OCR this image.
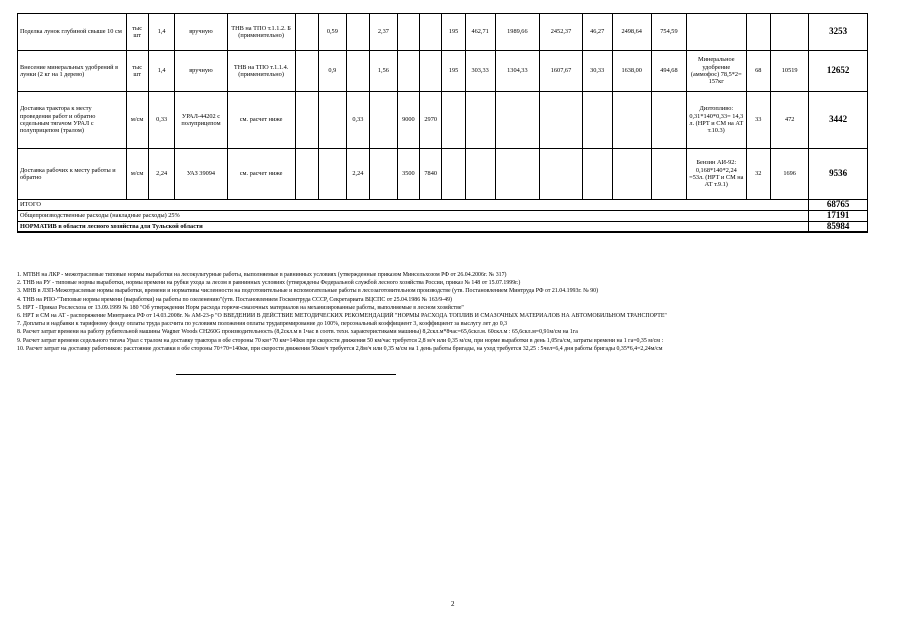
Поделка лунок глубиной свыше 10 см	тыс шт	1,4	вручную	ТНВ на ТПО т.1.1.2. Б (применительно)		0,59		2,37			195	462,71	1989,66	2452,37	46,27	2498,64	754,59				3253
Внесение минеральных удобрений в лунки (2 кг на 1 дерево)	тыс шт	1,4	вручную	ТНВ на ТПО т.1.1.4. (применительно)		0,9		1,56			195	303,33	1304,33	1607,67	30,33	1638,00	494,68	Минеральное удобрение (аммофос) 78,5*2= 157кг	68	10519	12652
Доставка трактора к месту проведения работ и обратно седельным тягачом УРАЛ с полуприцепом (тралом)	м/см	0,33	УРАЛ-44202 с полуприцепом	см. расчет ниже			0,33		9000	2970								Дизтопливо: 0,31*140*0,33= 14,3 л. (НРТ и СМ на АТ т.10.3)	33	472	3442
Доставка рабочих к месту работы и обратно	м/см	2,24	УАЗ 39094	см. расчет ниже			2,24		3500	7840								Бензин АИ-92: 0,168*140*2,24 =53л. (НРТ и СМ на АТ т.9.1)	32	1696	9536
ИТОГО																					68765
Общепроизводственные расходы (накладные расходы) 25%																					17191
НОРМАТИВ в области лесного хозяйства для Тульской области																					85984
1. МТВН на ЛКР - межотраслевые типовые нормы выработки на лесокультурные работы, выполняемые в равнинных условиях (утвержденные приказом Минсельхозом РФ от 26.04.2006г. № 317)
2. ТНВ на РУ - типовые нормы выработки, нормы времени на рубки ухода за лесом в равнинных условиях (утверждены Федеральной службой лесного хозяйства России, приказ № 148 от 15.07.1999г.)
3. МНВ в ЛЗП-Межотраслевые нормы выработки, времени и нормативы численности на подготовительные и вспомогательные работы в лесозаготовительном производстве (утв. Постановлением Минтруда РФ от 21.04.1993г. № 90)
4. ТНВ на РПО-"Типовые нормы времени (выработки) на работы по озеленению"(утв. Постановлением Госкомтруда СССР, Секретариата ВЦСПС от 25.04.1986 № 163/9-49)
5. НРТ - Приказ Рослесхоза от 13.09.1999 № 180 "Об утверждении Норм расхода горюче-смазочных материалов на механизированные работы, выполняемые в лесном хозяйстве"
6. НРТ и СМ на АТ - распоряжение Минтранса РФ от 14.03.2008г. № АМ-23-р "О ВВЕДЕНИИ В ДЕЙСТВИЕ МЕТОДИЧЕСКИХ РЕКОМЕНДАЦИЙ "НОРМЫ РАСХОДА ТОПЛИВ И СМАЗОЧНЫХ МАТЕРИАЛОВ НА АВТОМОБИЛЬНОМ ТРАНСПОРТЕ"
7. Доплаты и надбавки к тарифному фонду оплаты труда рассчита по условиям положения оплаты трудапремирование до 100%, персональный коэффициент 3, коэффициент за выслугу лет до 0,3
8. Расчет затрат времени на работу рубительной машины Wagner Woods CH260G производительность (8,2скл.м в 1час в соотв. техн. характеристиками машины) 8,2скл.м*8час=65,6скл.м. 60скл.м : 65,6скл.м=0,91м/см на 1га
9. Расчет затрат времени седельного тягача Урал с тралом на доставку трактора в обе стороны 70 км+70 км=140км при скорости движения 50 км/час требуется 2,8 м/ч или 0,35 м/см, при норме выработки в день 1,05га/см, затраты времени на 1 га=0,35 м/см :
10. Расчет затрат на доставку работников: расстояние доставки в обе стороны 70+70=140км, при скорости движения 50км/ч требуется 2,8м/ч или 0,35 м/см на 1 день работы бригады, на уход требуется 32,25 : 5чел=6,4 дня работы бригады 0,35*6,4=2,24м/см
2
